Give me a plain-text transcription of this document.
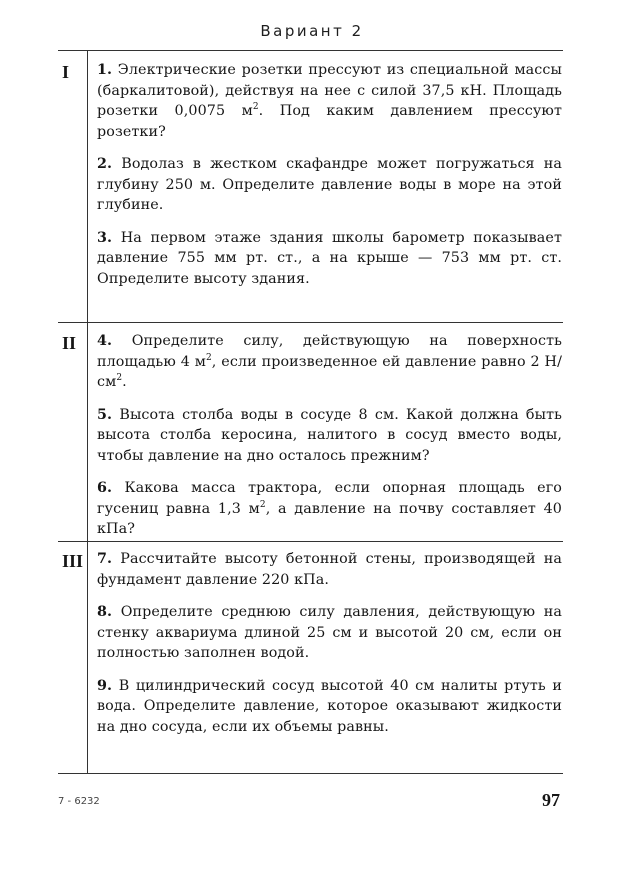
Вариант 2
I 1. Электрические розетки прессуют из специальной массы (баркалитовой), действуя на нее с силой 37,5 кН. Площадь розетки 0,0075 $м^2$. Под каким давлением прессуют розетки?

2. Водолаз в жестком скафандре может погружаться на глубину 250 м. Определите давление воды в море на этой глубине.

3. На первом этаже здания школы барометр показывает давление 755 мм рт. ст., а на крыше — 753 мм рт. ст. Определите высоту здания.

II 4. Определите силу, действующую на поверхность площадью 4 $м^2$, если произведенное ей давление равно 2 $Н/см^2$.

5. Высота столба воды в сосуде 8 см. Какой должна быть высота столба керосина, налитого в сосуд вместо воды, чтобы давление на дно осталось прежним?

6. Какова масса трактора, если опорная площадь его гусениц равна 1,3 $м^2$, а давление на почву составляет 40 кПа?

III 7. Рассчитайте высоту бетонной стены, производящей на фундамент давление 220 кПа.

8. Определите среднюю силу давления, действующую на стенку аквариума длиной 25 см и высотой 20 см, если он полностью заполнен водой.

9. В цилиндрический сосуд высотой 40 см налиты ртуть и вода. Определите давление, которое оказывают жидкости на дно сосуда, если их объемы равны.

7 - 6232	97
